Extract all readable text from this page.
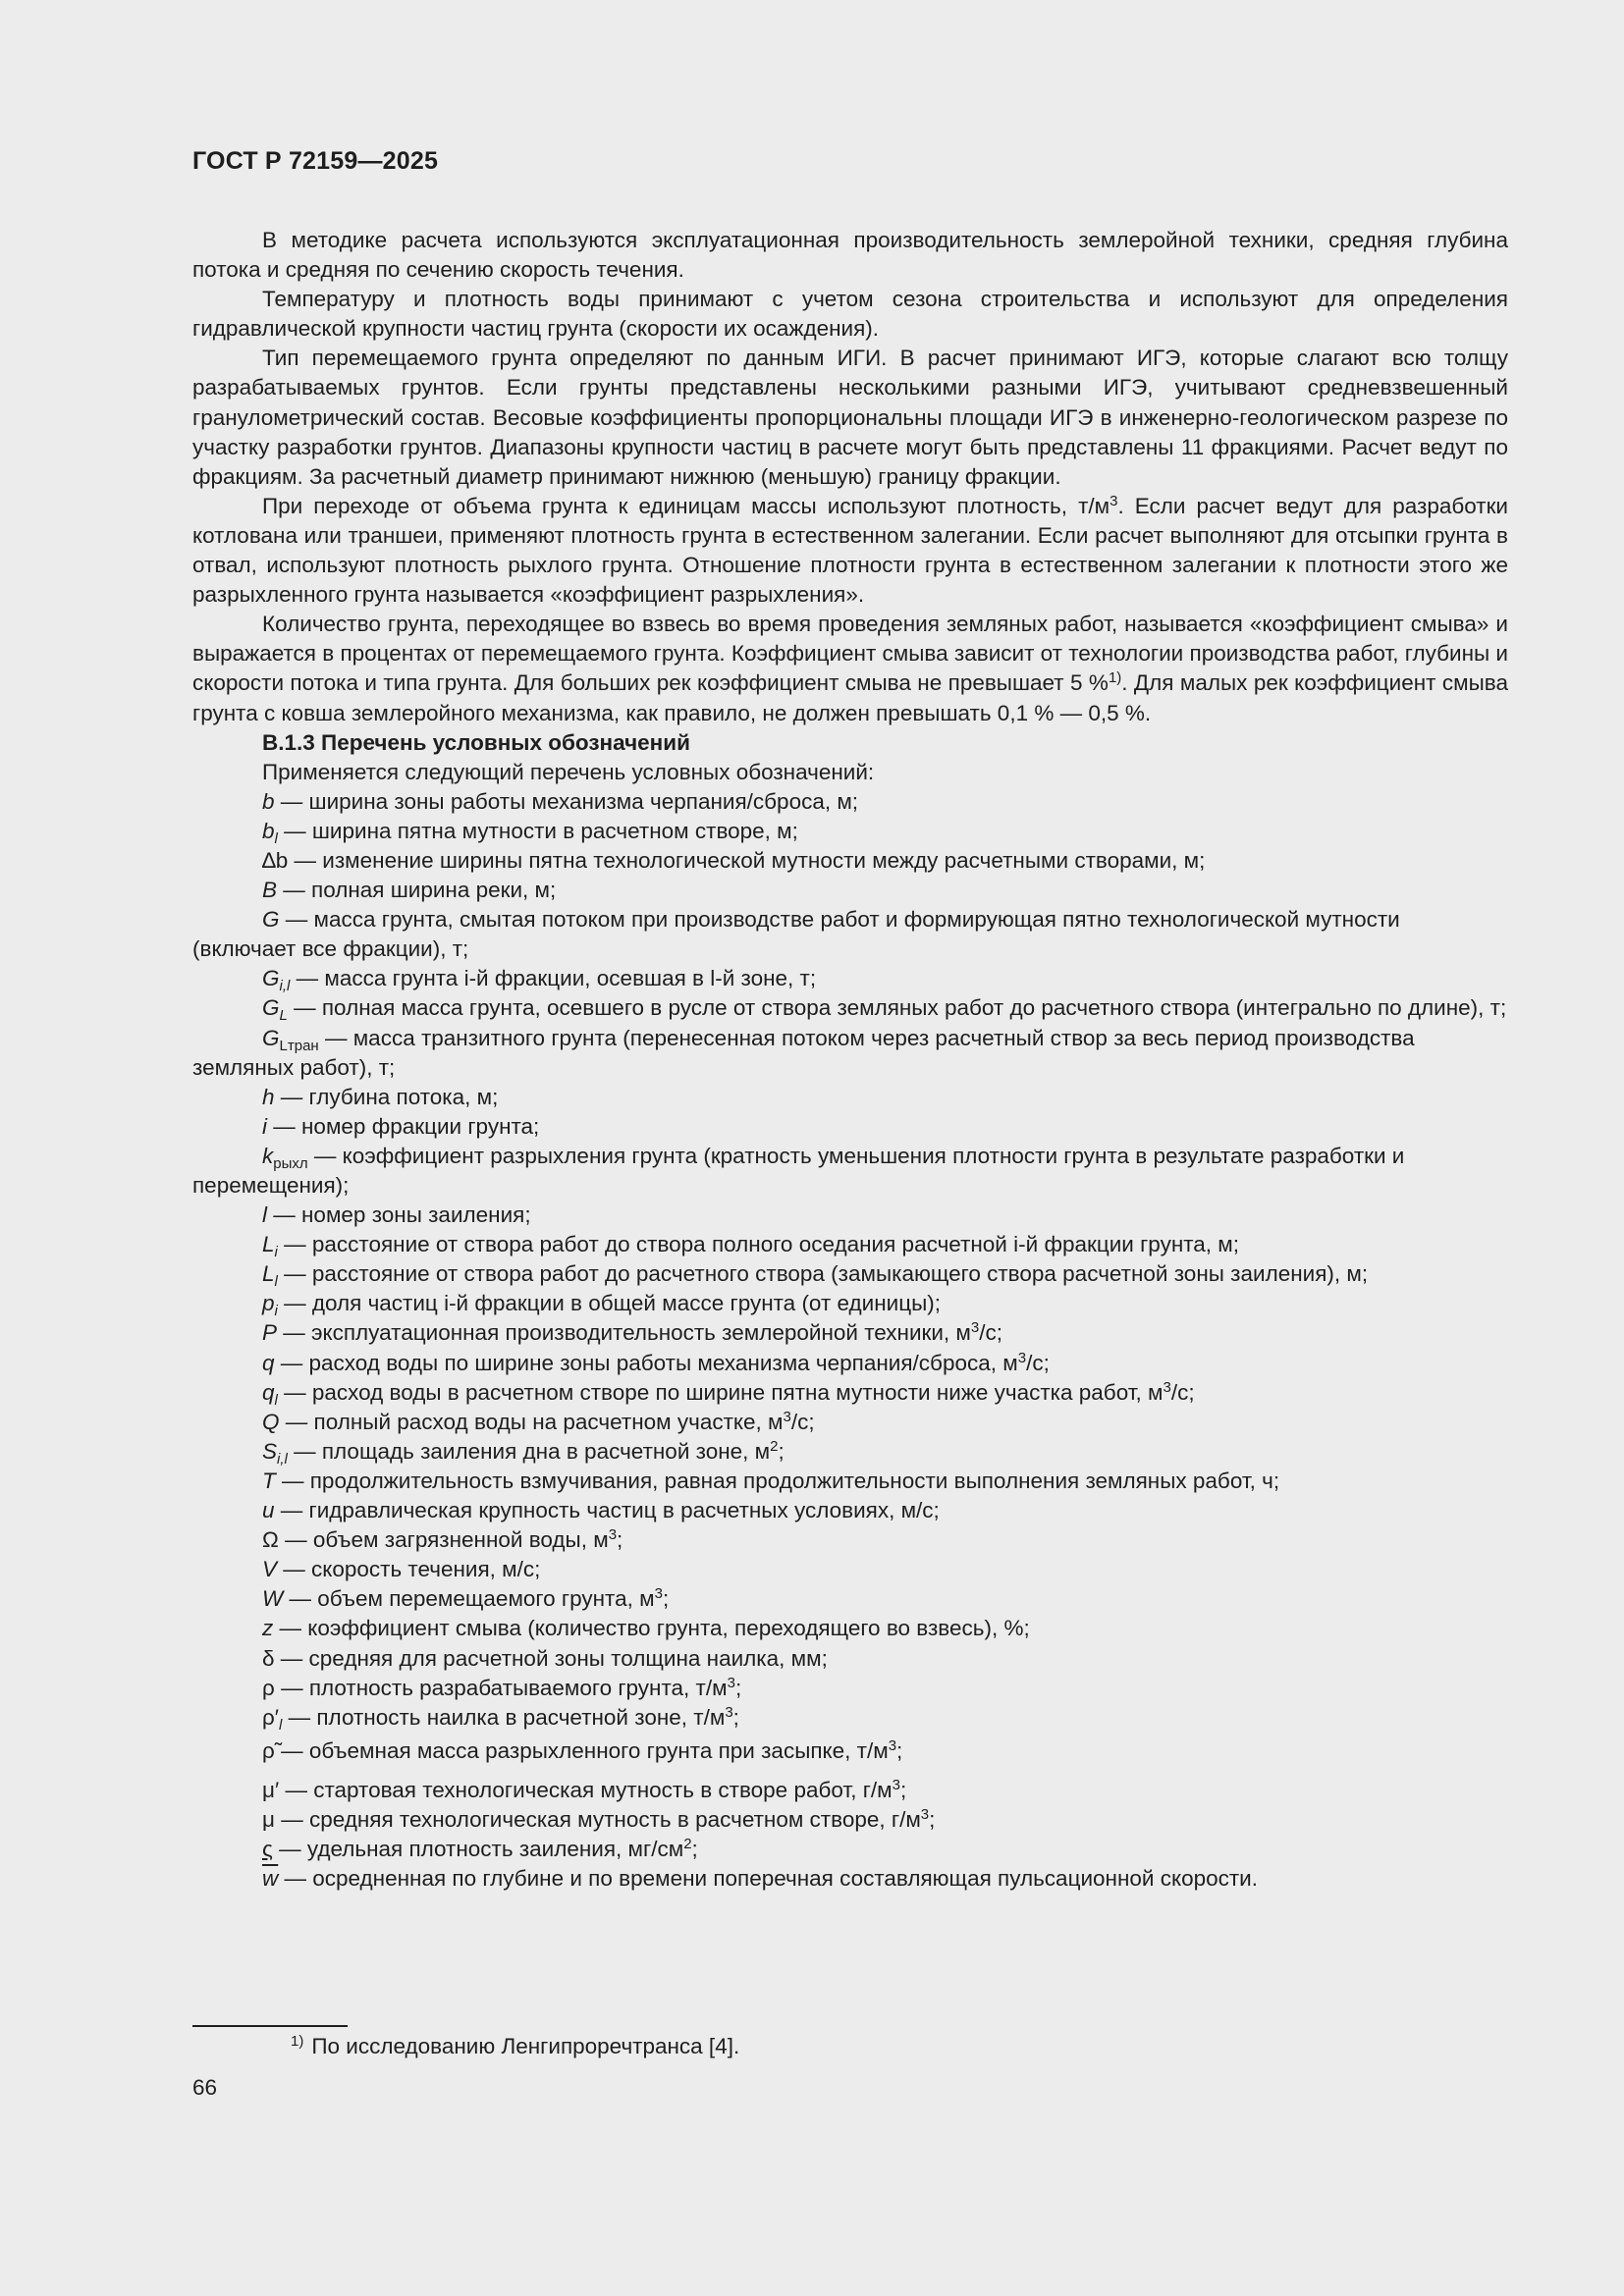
ГОСТ Р 72159—2025

В методике расчета используются эксплуатационная производительность землеройной техники, средняя глубина потока и средняя по сечению скорость течения.

Температуру и плотность воды принимают с учетом сезона строительства и используют для определения гидравлической крупности частиц грунта (скорости их осаждения).

Тип перемещаемого грунта определяют по данным ИГИ. В расчет принимают ИГЭ, которые слагают всю толщу разрабатываемых грунтов. Если грунты представлены несколькими разными ИГЭ, учитывают средневзвешенный гранулометрический состав. Весовые коэффициенты пропорциональны площади ИГЭ в инженерно-геологическом разрезе по участку разработки грунтов. Диапазоны крупности частиц в расчете могут быть представлены 11 фракциями. Расчет ведут по фракциям. За расчетный диаметр принимают нижнюю (меньшую) границу фракции.

При переходе от объема грунта к единицам массы используют плотность, $т/м^3$. Если расчет ведут для разработки котлована или траншеи, применяют плотность грунта в естественном залегании. Если расчет выполняют для отсыпки грунта в отвал, используют плотность рыхлого грунта. Отношение плотности грунта в естественном залегании к плотности этого же разрыхленного грунта называется «коэффициент разрыхления».

Количество грунта, переходящее во взвесь во время проведения земляных работ, называется «коэффициент смыва» и выражается в процентах от перемещаемого грунта. Коэффициент смыва зависит от технологии производства работ, глубины и скорости потока и типа грунта. Для больших рек коэффициент смыва не превышает 5 %$^{1)}$. Для малых рек коэффициент смыва грунта с ковша землеройного механизма, как правило, не должен превышать 0,1 % — 0,5 %.

В.1.3 Перечень условных обозначений

Применяется следующий перечень условных обозначений:

b — ширина зоны работы механизма черпания/сброса, м;
$b_l$ — ширина пятна мутности в расчетном створе, м;
∆b — изменение ширины пятна технологической мутности между расчетными створами, м;
B — полная ширина реки, м;
G — масса грунта, смытая потоком при производстве работ и формирующая пятно технологической мутности (включает все фракции), т;
$G_{i,l}$ — масса грунта i-й фракции, осевшая в l-й зоне, т;
$G_L$ — полная масса грунта, осевшего в русле от створа земляных работ до расчетного створа (интегрально по длине), т;
$G_{Lтран}$ — масса транзитного грунта (перенесенная потоком через расчетный створ за весь период производства земляных работ), т;
h — глубина потока, м;
i — номер фракции грунта;
$k_{рыхл}$ — коэффициент разрыхления грунта (кратность уменьшения плотности грунта в результате разработки и перемещения);
l — номер зоны заиления;
$L_i$ — расстояние от створа работ до створа полного оседания расчетной i-й фракции грунта, м;
$L_l$ — расстояние от створа работ до расчетного створа (замыкающего створа расчетной зоны заиления), м;
$p_i$ — доля частиц i-й фракции в общей массе грунта (от единицы);
P — эксплуатационная производительность землеройной техники, $м^3/с$;
q — расход воды по ширине зоны работы механизма черпания/сброса, $м^3/с$;
$q_l$ — расход воды в расчетном створе по ширине пятна мутности ниже участка работ, $м^3/с$;
Q — полный расход воды на расчетном участке, $м^3/с$;
$S_{i,l}$ — площадь заиления дна в расчетной зоне, $м^2$;
T — продолжительность взмучивания, равная продолжительности выполнения земляных работ, ч;
u — гидравлическая крупность частиц в расчетных условиях, м/с;
Ω — объем загрязненной воды, $м^3$;
V — скорость течения, м/с;
W — объем перемещаемого грунта, $м^3$;
z — коэффициент смыва (количество грунта, переходящего во взвесь), %;
δ — средняя для расчетной зоны толщина наилка, мм;
ρ — плотность разрабатываемого грунта, $т/м^3$;
$\rho'_l$ — плотность наилка в расчетной зоне, $т/м^3$;
ρ̃ — объемная масса разрыхленного грунта при засыпке, $т/м^3$;
μ′ — стартовая технологическая мутность в створе работ, $г/м^3$;
μ — средняя технологическая мутность в расчетном створе, $г/м^3$;
ς — удельная плотность заиления, $мг/см^2$;
$\overline{w}$ — осредненная по глубине и по времени поперечная составляющая пульсационной скорости.
$^{1)}$ По исследованию Ленгипроречтранса [4].
66
